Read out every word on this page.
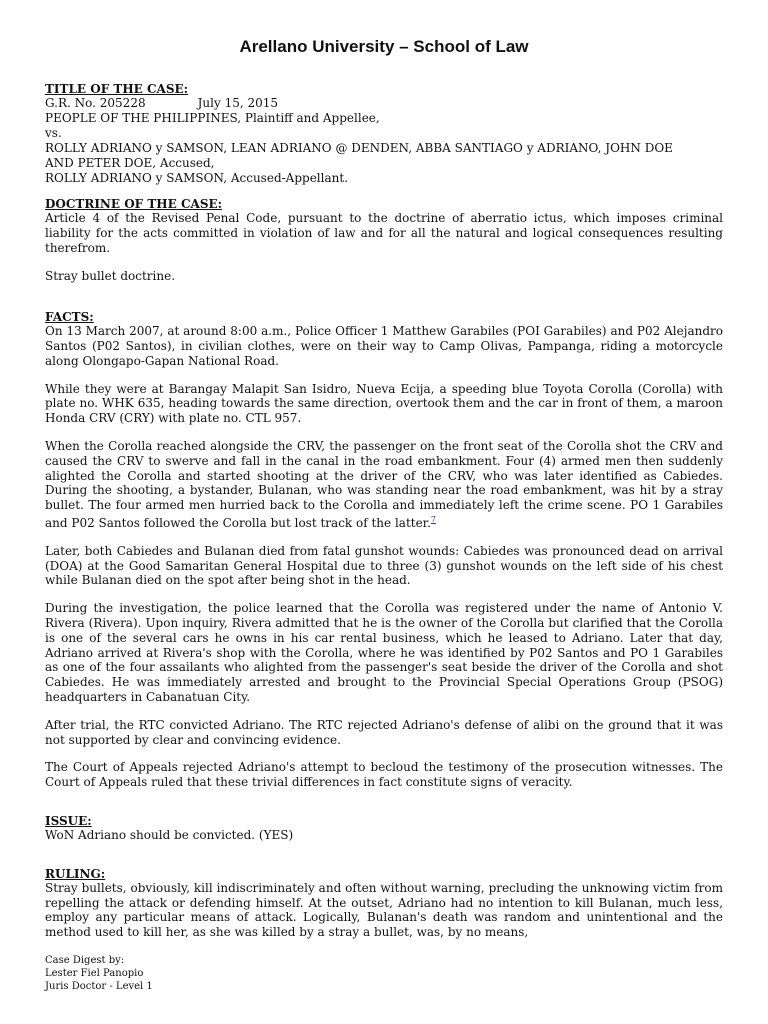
Arellano University – School of Law
TITLE OF THE CASE:
G.R. No. 205228	July 15, 2015
PEOPLE OF THE PHILIPPINES, Plaintiff and Appellee,
vs.
ROLLY ADRIANO y SAMSON, LEAN ADRIANO @ DENDEN, ABBA SANTIAGO y ADRIANO, JOHN DOE
AND PETER DOE, Accused,
ROLLY ADRIANO y SAMSON, Accused-Appellant.
DOCTRINE OF THE CASE:
Article 4 of the Revised Penal Code, pursuant to the doctrine of aberratio ictus, which imposes criminal liability for the acts committed in violation of law and for all the natural and logical consequences resulting therefrom.
Stray bullet doctrine.
FACTS:
On 13 March 2007, at around 8:00 a.m., Police Officer 1 Matthew Garabiles (POI Garabiles) and P02 Alejandro Santos (P02 Santos), in civilian clothes, were on their way to Camp Olivas, Pampanga, riding a motorcycle along Olongapo-Gapan National Road.
While they were at Barangay Malapit San Isidro, Nueva Ecija, a speeding blue Toyota Corolla (Corolla) with plate no. WHK 635, heading towards the same direction, overtook them and the car in front of them, a maroon Honda CRV (CRY) with plate no. CTL 957.
When the Corolla reached alongside the CRV, the passenger on the front seat of the Corolla shot the CRV and caused the CRV to swerve and fall in the canal in the road embankment. Four (4) armed men then suddenly alighted the Corolla and started shooting at the driver of the CRV, who was later identified as Cabiedes. During the shooting, a bystander, Bulanan, who was standing near the road embankment, was hit by a stray bullet. The four armed men hurried back to the Corolla and immediately left the crime scene. PO 1 Garabiles and P02 Santos followed the Corolla but lost track of the latter.$^7$
Later, both Cabiedes and Bulanan died from fatal gunshot wounds: Cabiedes was pronounced dead on arrival (DOA) at the Good Samaritan General Hospital due to three (3) gunshot wounds on the left side of his chest while Bulanan died on the spot after being shot in the head.
During the investigation, the police learned that the Corolla was registered under the name of Antonio V. Rivera (Rivera). Upon inquiry, Rivera admitted that he is the owner of the Corolla but clarified that the Corolla is one of the several cars he owns in his car rental business, which he leased to Adriano. Later that day, Adriano arrived at Rivera's shop with the Corolla, where he was identified by P02 Santos and PO 1 Garabiles as one of the four assailants who alighted from the passenger's seat beside the driver of the Corolla and shot Cabiedes. He was immediately arrested and brought to the Provincial Special Operations Group (PSOG) headquarters in Cabanatuan City.
After trial, the RTC convicted Adriano. The RTC rejected Adriano's defense of alibi on the ground that it was not supported by clear and convincing evidence.
The Court of Appeals rejected Adriano's attempt to becloud the testimony of the prosecution witnesses. The Court of Appeals ruled that these trivial differences in fact constitute signs of veracity.
ISSUE:
WoN Adriano should be convicted. (YES)
RULING:
Stray bullets, obviously, kill indiscriminately and often without warning, precluding the unknowing victim from repelling the attack or defending himself. At the outset, Adriano had no intention to kill Bulanan, much less, employ any particular means of attack. Logically, Bulanan's death was random and unintentional and the method used to kill her, as she was killed by a stray a bullet, was, by no means,
Case Digest by:
Lester Fiel Panopio
Juris Doctor - Level 1
